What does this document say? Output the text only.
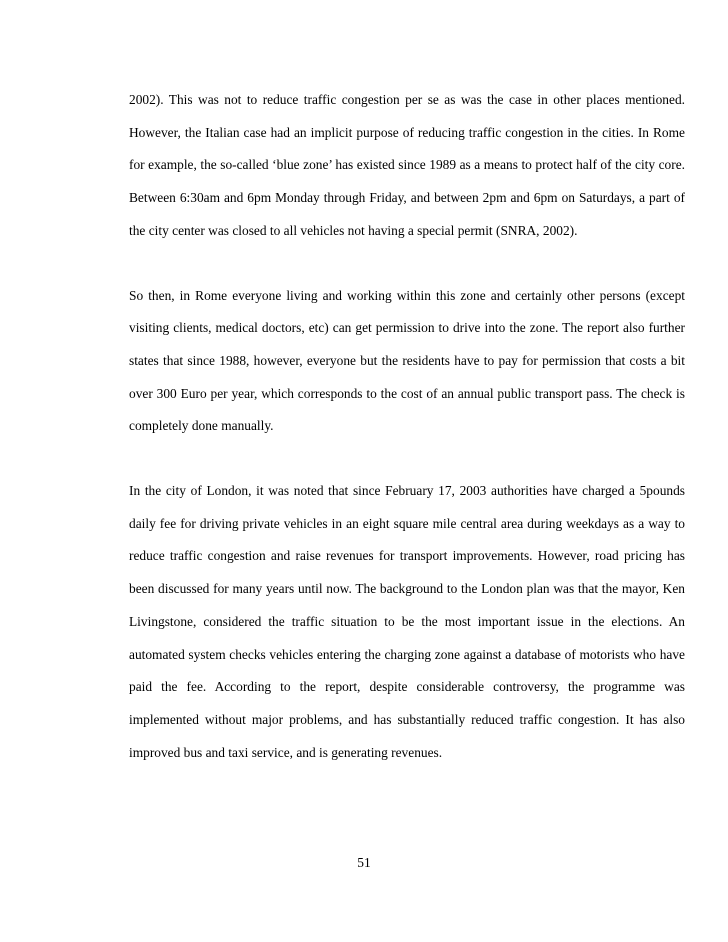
2002). This was not to reduce traffic congestion per se as was the case in other places mentioned. However, the Italian case had an implicit purpose of reducing traffic congestion in the cities. In Rome for example, the so-called ‘blue zone’ has existed since 1989 as a means to protect half of the city core. Between 6:30am and 6pm Monday through Friday, and between 2pm and 6pm on Saturdays, a part of the city center was closed to all vehicles not having a special permit (SNRA, 2002).

So then, in Rome everyone living and working within this zone and certainly other persons (except visiting clients, medical doctors, etc) can get permission to drive into the zone. The report also further states that since 1988, however, everyone but the residents have to pay for permission that costs a bit over 300 Euro per year, which corresponds to the cost of an annual public transport pass. The check is completely done manually.

In the city of London, it was noted that since February 17, 2003 authorities have charged a 5pounds daily fee for driving private vehicles in an eight square mile central area during weekdays as a way to reduce traffic congestion and raise revenues for transport improvements. However, road pricing has been discussed for many years until now. The background to the London plan was that the mayor, Ken Livingstone, considered the traffic situation to be the most important issue in the elections. An automated system checks vehicles entering the charging zone against a database of motorists who have paid the fee. According to the report, despite considerable controversy, the programme was implemented without major problems, and has substantially reduced traffic congestion. It has also improved bus and taxi service, and is generating revenues.

51
